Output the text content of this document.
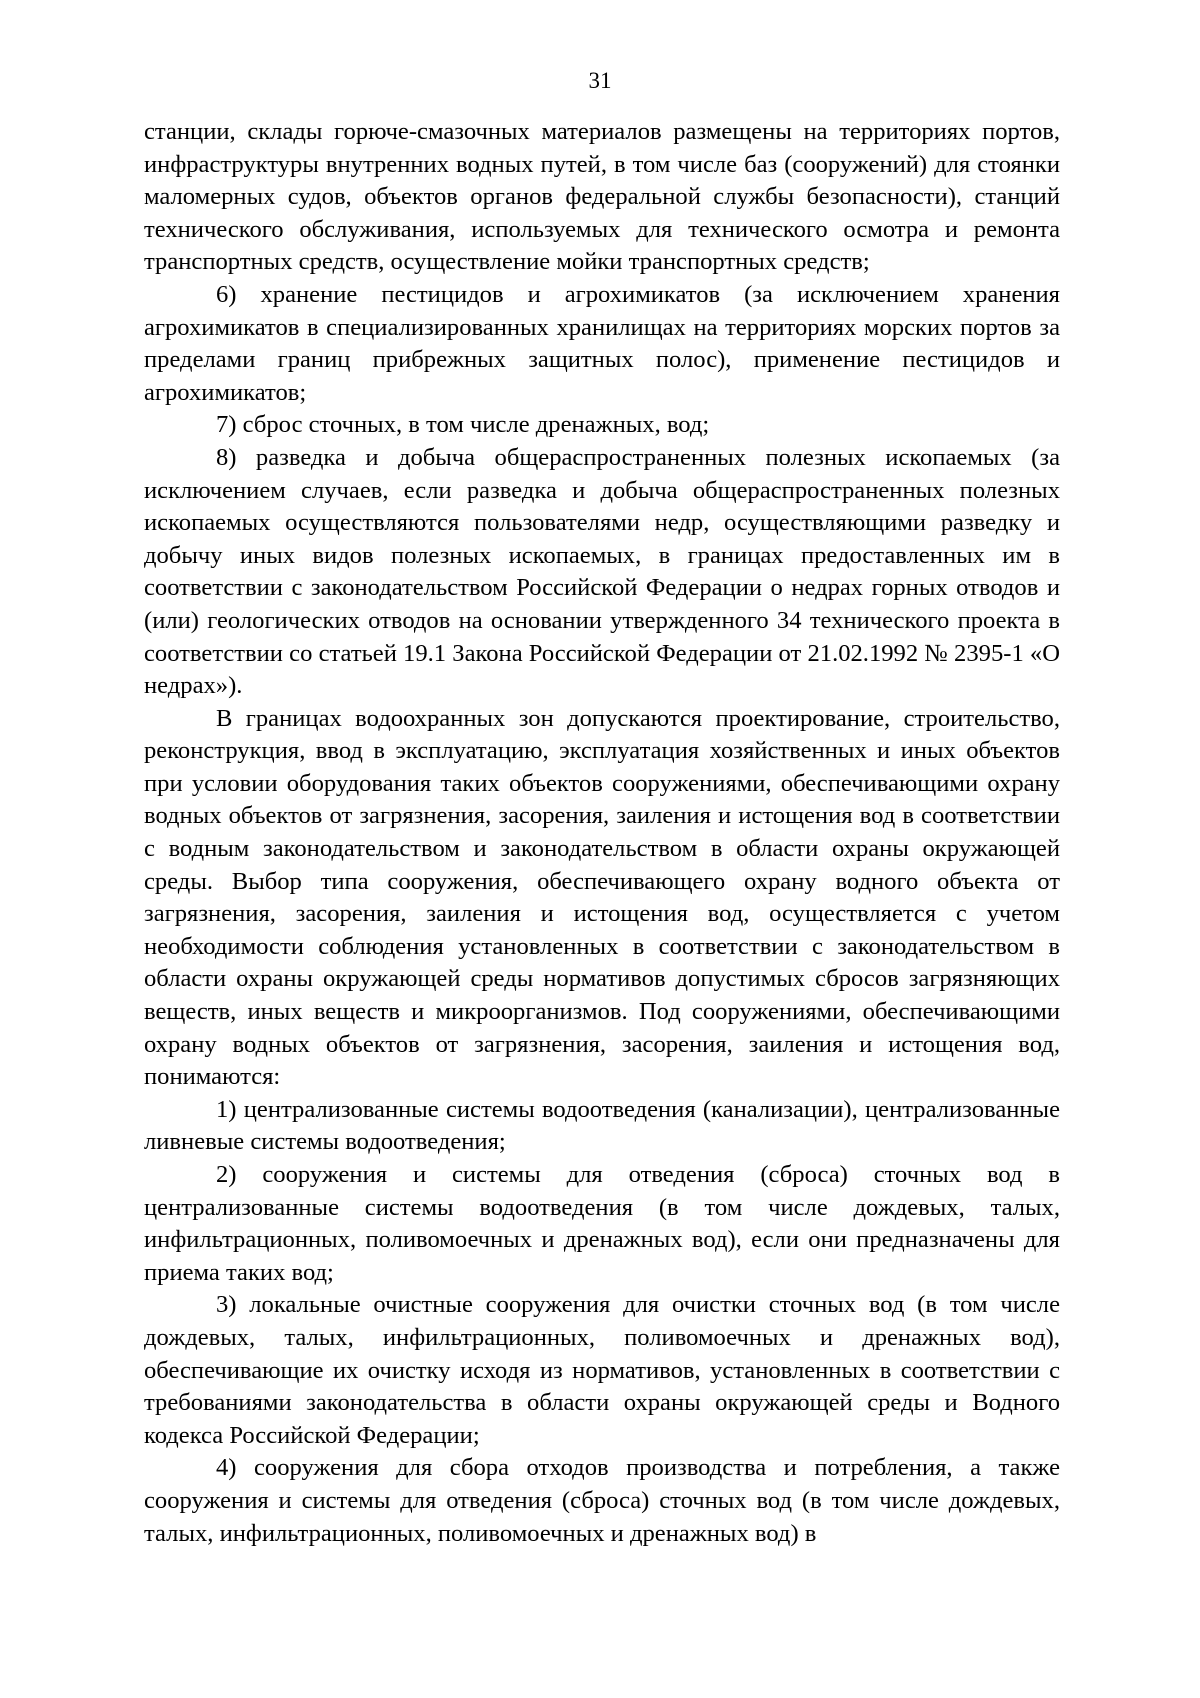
31

станции, склады горюче-смазочных материалов размещены на территориях портов, инфраструктуры внутренних водных путей, в том числе баз (сооружений) для стоянки маломерных судов, объектов органов федеральной службы безопасности), станций технического обслуживания, используемых для технического осмотра и ремонта транспортных средств, осуществление мойки транспортных средств;

6) хранение пестицидов и агрохимикатов (за исключением хранения агрохимикатов в специализированных хранилищах на территориях морских портов за пределами границ прибрежных защитных полос), применение пестицидов и агрохимикатов;

7) сброс сточных, в том числе дренажных, вод;

8) разведка и добыча общераспространенных полезных ископаемых (за исключением случаев, если разведка и добыча общераспространенных полезных ископаемых осуществляются пользователями недр, осуществляющими разведку и добычу иных видов полезных ископаемых, в границах предоставленных им в соответствии с законодательством Российской Федерации о недрах горных отводов и (или) геологических отводов на основании утвержденного 34 технического проекта в соответствии со статьей 19.1 Закона Российской Федерации от 21.02.1992 № 2395-1 «О недрах»).

В границах водоохранных зон допускаются проектирование, строительство, реконструкция, ввод в эксплуатацию, эксплуатация хозяйственных и иных объектов при условии оборудования таких объектов сооружениями, обеспечивающими охрану водных объектов от загрязнения, засорения, заиления и истощения вод в соответствии с водным законодательством и законодательством в области охраны окружающей среды. Выбор типа сооружения, обеспечивающего охрану водного объекта от загрязнения, засорения, заиления и истощения вод, осуществляется с учетом необходимости соблюдения установленных в соответствии с законодательством в области охраны окружающей среды нормативов допустимых сбросов загрязняющих веществ, иных веществ и микроорганизмов. Под сооружениями, обеспечивающими охрану водных объектов от загрязнения, засорения, заиления и истощения вод, понимаются:

1) централизованные системы водоотведения (канализации), централизованные ливневые системы водоотведения;

2) сооружения и системы для отведения (сброса) сточных вод в централизованные системы водоотведения (в том числе дождевых, талых, инфильтрационных, поливомоечных и дренажных вод), если они предназначены для приема таких вод;

3) локальные очистные сооружения для очистки сточных вод (в том числе дождевых, талых, инфильтрационных, поливомоечных и дренажных вод), обеспечивающие их очистку исходя из нормативов, установленных в соответствии с требованиями законодательства в области охраны окружающей среды и Водного кодекса Российской Федерации;

4) сооружения для сбора отходов производства и потребления, а также сооружения и системы для отведения (сброса) сточных вод (в том числе дождевых, талых, инфильтрационных, поливомоечных и дренажных вод) в
